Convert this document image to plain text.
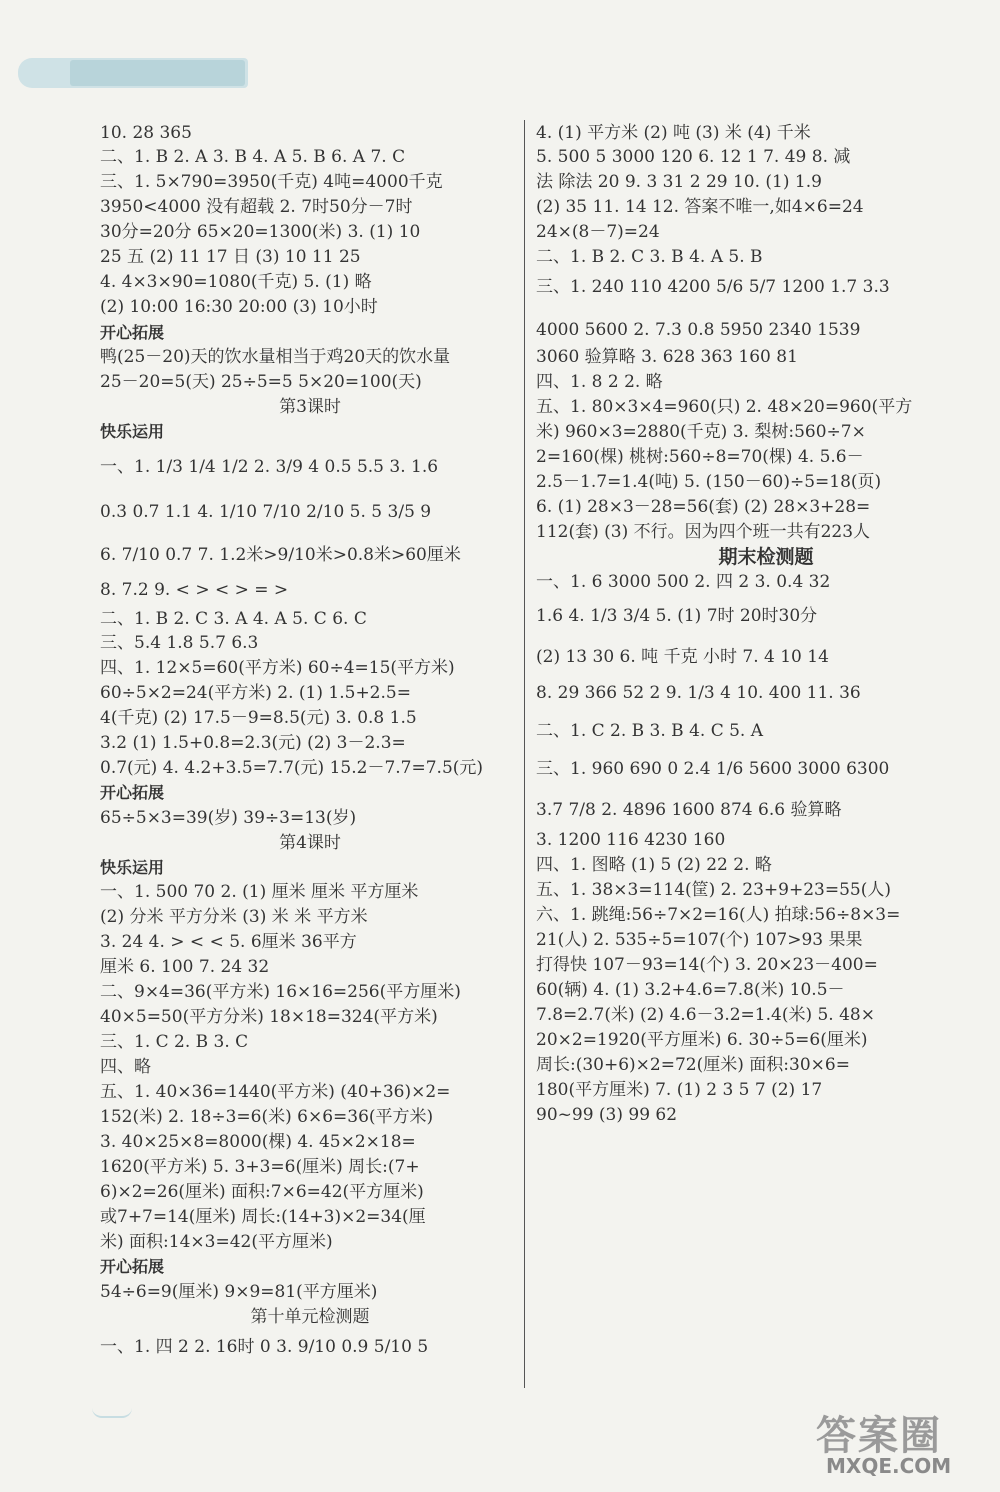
10. 28 365
二、1. B 2. A 3. B 4. A 5. B 6. A 7. C
三、1. 5×790=3950(千克) 4吨=4000千克
3950<4000 没有超载 2. 7时50分－7时
30分=20分 65×20=1300(米) 3. (1) 10
25 五 (2) 11 17 日 (3) 10 11 25
4. 4×3×90=1080(千克) 5. (1) 略
(2) 10:00 16:30 20:00 (3) 10小时
开心拓展
鸭(25－20)天的饮水量相当于鸡20天的饮水量
25－20=5(天) 25÷5=5 5×20=100(天)
第3课时
快乐运用
一、1. 1/3 1/4 1/2 2. 3/9 4 0.5 5.5 3. 1.6
0.3 0.7 1.1 4. 1/10 7/10 2/10 5. 5 3/5 9
6. 7/10 0.7 7. 1.2米>9/10米>0.8米>60厘米
8. 7.2 9. < > < > = >
二、1. B 2. C 3. A 4. A 5. C 6. C
三、5.4 1.8 5.7 6.3
四、1. 12×5=60(平方米) 60÷4=15(平方米)
60÷5×2=24(平方米) 2. (1) 1.5+2.5=
4(千克) (2) 17.5－9=8.5(元) 3. 0.8 1.5
3.2 (1) 1.5+0.8=2.3(元) (2) 3－2.3=
0.7(元) 4. 4.2+3.5=7.7(元) 15.2－7.7=7.5(元)
开心拓展
65÷5×3=39(岁) 39÷3=13(岁)
第4课时
快乐运用
一、1. 500 70 2. (1) 厘米 厘米 平方厘米
(2) 分米 平方分米 (3) 米 米 平方米
3. 24 4. > < < 5. 6厘米 36平方
厘米 6. 100 7. 24 32
二、9×4=36(平方米) 16×16=256(平方厘米)
40×5=50(平方分米) 18×18=324(平方米)
三、1. C 2. B 3. C
四、略
五、1. 40×36=1440(平方米) (40+36)×2=
152(米) 2. 18÷3=6(米) 6×6=36(平方米)
3. 40×25×8=8000(棵) 4. 45×2×18=
1620(平方米) 5. 3+3=6(厘米) 周长:(7+
6)×2=26(厘米) 面积:7×6=42(平方厘米)
或7+7=14(厘米) 周长:(14+3)×2=34(厘
米) 面积:14×3=42(平方厘米)
开心拓展
54÷6=9(厘米) 9×9=81(平方厘米)
第十单元检测题
一、1. 四 2 2. 16时 0 3. 9/10 0.9 5/10 5
4. (1) 平方米 (2) 吨 (3) 米 (4) 千米
5. 500 5 3000 120 6. 12 1 7. 49 8. 减
法 除法 20 9. 3 31 2 29 10. (1) 1.9
(2) 35 11. 14 12. 答案不唯一,如4×6=24
24×(8－7)=24
二、1. B 2. C 3. B 4. A 5. B
三、1. 240 110 4200 5/6 5/7 1200 1.7 3.3
4000 5600 2. 7.3 0.8 5950 2340 1539
3060 验算略 3. 628 363 160 81
四、1. 8 2 2. 略
五、1. 80×3×4=960(只) 2. 48×20=960(平方
米) 960×3=2880(千克) 3. 梨树:560÷7×
2=160(棵) 桃树:560÷8=70(棵) 4. 5.6－
2.5－1.7=1.4(吨) 5. (150－60)÷5=18(页)
6. (1) 28×3－28=56(套) (2) 28×3+28=
112(套) (3) 不行。因为四个班一共有223人
期末检测题
一、1. 6 3000 500 2. 四 2 3. 0.4 32
1.6 4. 1/3 3/4 5. (1) 7时 20时30分
(2) 13 30 6. 吨 千克 小时 7. 4 10 14
8. 29 366 52 2 9. 1/3 4 10. 400 11. 36
二、1. C 2. B 3. B 4. C 5. A
三、1. 960 690 0 2.4 1/6 5600 3000 6300
3.7 7/8 2. 4896 1600 874 6.6 验算略
3. 1200 116 4230 160
四、1. 图略 (1) 5 (2) 22 2. 略
五、1. 38×3=114(筐) 2. 23+9+23=55(人)
六、1. 跳绳:56÷7×2=16(人) 拍球:56÷8×3=
21(人) 2. 535÷5=107(个) 107>93 果果
打得快 107－93=14(个) 3. 20×23－400=
60(辆) 4. (1) 3.2+4.6=7.8(米) 10.5－
7.8=2.7(米) (2) 4.6－3.2=1.4(米) 5. 48×
20×2=1920(平方厘米) 6. 30÷5=6(厘米)
周长:(30+6)×2=72(厘米) 面积:30×6=
180(平方厘米) 7. (1) 2 3 5 7 (2) 17
90~99 (3) 99 62
答案圈
MXQE.COM
